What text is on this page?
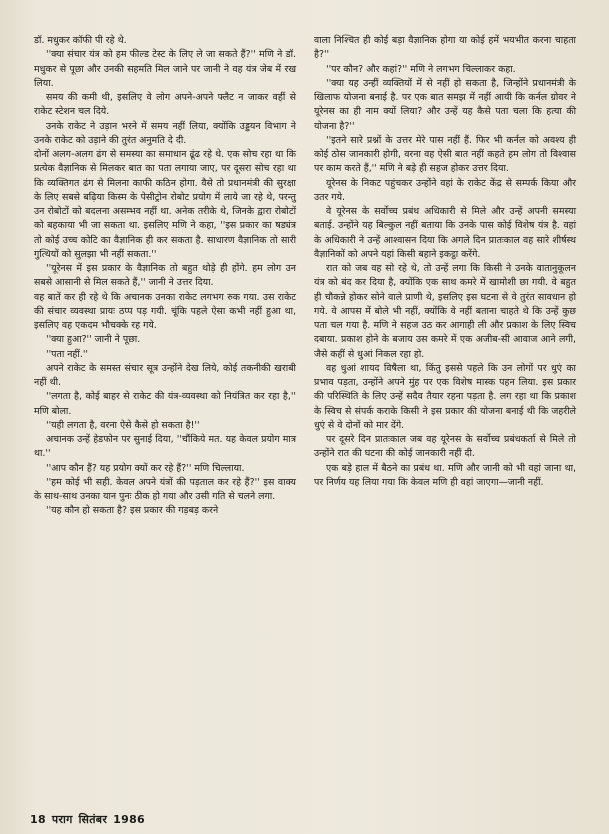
डॉ. मधुकर कॉफी पी रहे थे.

''क्या संचार यंत्र को हम फील्ड टेस्ट के लिए ले जा सकते हैं?'' मणि ने डॉ. मधुकर से पूछा और उनकी सहमति मिल जाने पर जानी ने वह यंत्र जेब में रख लिया.

समय की कमी थी, इसलिए वे लोग अपने-अपने फ्लैट न जाकर वहीं से राकेट स्टेशन चल दिये.

उनके राकेट ने उड़ान भरने में समय नहीं लिया, क्योंकि उड्डयन विभाग ने उनके राकेट को उड़ाने की तुरंत अनुमति दे दी.

दोनों अलग-अलग ढंग से समस्या का समाधान ढूंढ रहे थे. एक सोच रहा था कि प्रत्येक वैज्ञानिक से मिलकर बात का पता लगाया जाए, पर दूसरा सोच रहा था कि व्यक्तिगत ढंग से मिलना काफी कठिन होगा. वैसे तो प्रधानमंत्री की सुरक्षा के लिए सबसे बढ़िया किस्म के पेसीट्रोन रोबोट प्रयोग में लाये जा रहे थे, परन्तु उन रोबोटों को बदलना असम्भव नहीं था. अनेक तरीके थे, जिनके द्वारा रोबोटों को बहकाया भी जा सकता था. इसलिए मणि ने कहा, ''इस प्रकार का षड्यंत्र तो कोई उच्च कोटि का वैज्ञानिक ही कर सकता है. साधारण वैज्ञानिक तो सारी गुत्थियों को सुलझा भी नहीं सकता.''

''यूरेनस में इस प्रकार के वैज्ञानिक तो बहुत थोड़े ही होंगे. हम लोग उन सबसे आसानी से मिल सकते हैं,'' जानी ने उत्तर दिया.

वह बातें कर ही रहे थे कि अचानक उनका राकेट लगभग रुक गया. उस राकेट की संचार व्यवस्था प्रायः ठप्प पड़ गयी. चूंकि पहले ऐसा कभी नहीं हुआ था, इसलिए वह एकदम भौचक्के रह गये.

''क्या हुआ?'' जानी ने पूछा.

''पता नहीं.''

अपने राकेट के समस्त संचार सूत्र उन्होंने देख लिये, कोई तकनीकी खराबी नहीं थी.

''लगता है, कोई बाहर से राकेट की यंत्र-व्यवस्था को नियंत्रित कर रहा है,'' मणि बोला.

''यही लगता है, वरना ऐसे कैसे हो सकता है!''

अचानक उन्हें हेडफोन पर सुनाई दिया, ''चौंकिये मत. यह केवल प्रयोग मात्र था.''

''आप कौन हैं? यह प्रयोग क्यों कर रहे हैं?'' मणि चिल्लाया.

''हम कोई भी सही. केवल अपने यंत्रों की पड़ताल कर रहे हैं?'' इस वाक्य के साथ-साथ उनका यान पुनः ठीक हो गया और उसी गति से चलने लगा.

''यह कौन हो सकता है? इस प्रकार की गड़बड़ करने

वाला निश्चित ही कोई बड़ा वैज्ञानिक होगा या कोई हमें भयभीत करना चाहता है?''

''पर कौन? और कहां?'' मणि ने लगभग चिल्लाकर कहा.

''क्या यह उन्हीं व्यक्तियों में से नहीं हो सकता है, जिन्होंने प्रधानमंत्री के खिलाफ योजना बनाई है. पर एक बात समझ में नहीं आयी कि कर्नल ग्रोवर ने यूरेनस का ही नाम क्यों लिया? और उन्हें यह कैसे पता चला कि हत्या की योजना है?''

''इतने सारे प्रश्नों के उत्तर मेरे पास नहीं हैं. फिर भी कर्नल को अवश्य ही कोई ठोस जानकारी होगी, वरना वह ऐसी बात नहीं कहते हम लोग तो विश्वास पर काम करते हैं,'' मणि ने बड़े ही सहज होकर उत्तर दिया.

यूरेनस के निकट पहुंचकर उन्होंने वहां के राकेट केंद्र से सम्पर्क किया और उतर गये.

वे यूरेनस के सर्वोच्च प्रबंध अधिकारी से मिले और उन्हें अपनी समस्या बताई. उन्होंने यह बिल्कुल नहीं बताया कि उनके पास कोई विशेष यंत्र है. वहां के अधिकारी ने उन्हें आश्वासन दिया कि अगले दिन प्रातःकाल वह सारे शीर्षस्थ वैज्ञानिकों को अपने यहां किसी बहाने इकट्ठा करेंगे.

रात को जब वह सो रहे थे, तो उन्हें लगा कि किसी ने उनके वातानुकूलन यंत्र को बंद कर दिया है, क्योंकि एक साथ कमरे में खामोशी छा गयी. वे बहुत ही चौकन्ने होकर सोने वाले प्राणी थे, इसलिए इस घटना से वे तुरंत सावधान हो गये. वे आपस में बोले भी नहीं, क्योंकि वे नहीं बताना चाहते थे कि उन्हें कुछ पता चल गया है. मणि ने सहज उठ कर आगाही ली और प्रकाश के लिए स्विच दबाया. प्रकाश होने के बजाय उस कमरे में एक अजीब-सी आवाज आने लगी, जैसे कहीं से धुआं निकल रहा हो.

वह धुआं शायद विषैला था, किंतु इससे पहले कि उन लोगों पर धुएं का प्रभाव पड़ता, उन्होंने अपने मुंह पर एक विशेष मास्क पहन लिया. इस प्रकार की परिस्थिति के लिए उन्हें सदैव तैयार रहना पड़ता है. लग रहा था कि प्रकाश के स्विच से संपर्क कराके किसी ने इस प्रकार की योजना बनाई थी कि जहरीले धुएं से वे दोनों को मार देंगे.

पर दूसरे दिन प्रातःकाल जब वह यूरेनस के सर्वोच्च प्रबंधकर्ता से मिले तो उन्होंने रात की घटना की कोई जानकारी नहीं दी.

एक बड़े हाल में बैठने का प्रबंध था. मणि और जानी को भी वहां जाना था, पर निर्णय यह लिया गया कि केवल मणि ही वहां जाएगा—जानी नहीं.

18 पराग सितंबर 1986
